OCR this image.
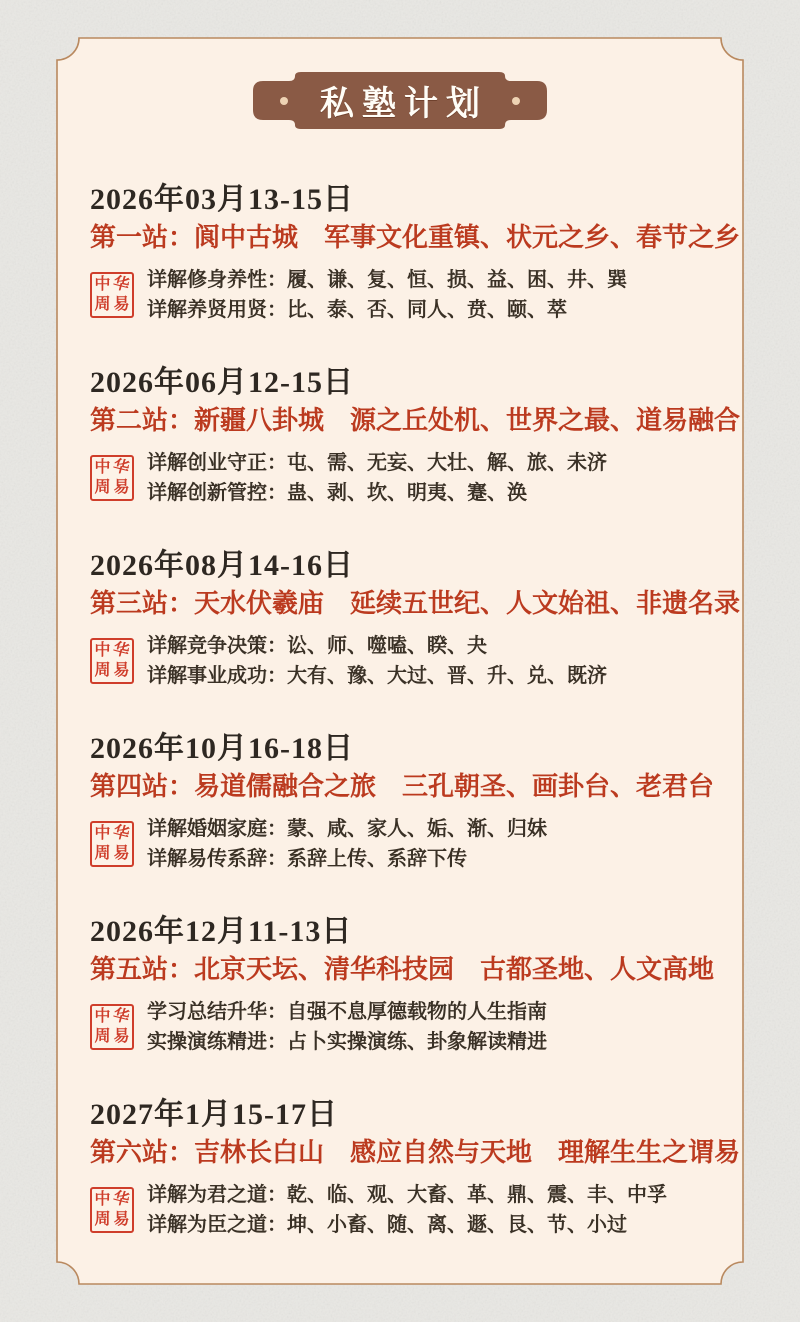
私塾计划
2026年03月13-15日
第一站：阆中古城　军事文化重镇、状元之乡、春节之乡
中 华
周 易

详解修身养性：履、谦、复、恒、损、益、困、井、巽

详解养贤用贤：比、泰、否、同人、贲、颐、萃

2026年06月12-15日
第二站：新疆八卦城　源之丘处机、世界之最、道易融合
中 华
周 易

详解创业守正：屯、需、无妄、大壮、解、旅、未济

详解创新管控：蛊、剥、坎、明夷、蹇、涣

2026年08月14-16日
第三站：天水伏羲庙　延续五世纪、人文始祖、非遗名录
中 华
周 易

详解竞争决策：讼、师、噬嗑、睽、夬

详解事业成功：大有、豫、大过、晋、升、兑、既济

2026年10月16-18日
第四站：易道儒融合之旅　三孔朝圣、画卦台、老君台
中 华
周 易

详解婚姻家庭：蒙、咸、家人、姤、渐、归妹

详解易传系辞：系辞上传、系辞下传

2026年12月11-13日
第五站：北京天坛、清华科技园　古都圣地、人文高地
中 华
周 易

学习总结升华：自强不息厚德载物的人生指南

实操演练精进：占卜实操演练、卦象解读精进

2027年1月15-17日
第六站：吉林长白山　感应自然与天地　理解生生之谓易
中 华
周 易

详解为君之道：乾、临、观、大畜、革、鼎、震、丰、中孚

详解为臣之道：坤、小畜、随、离、遯、艮、节、小过
